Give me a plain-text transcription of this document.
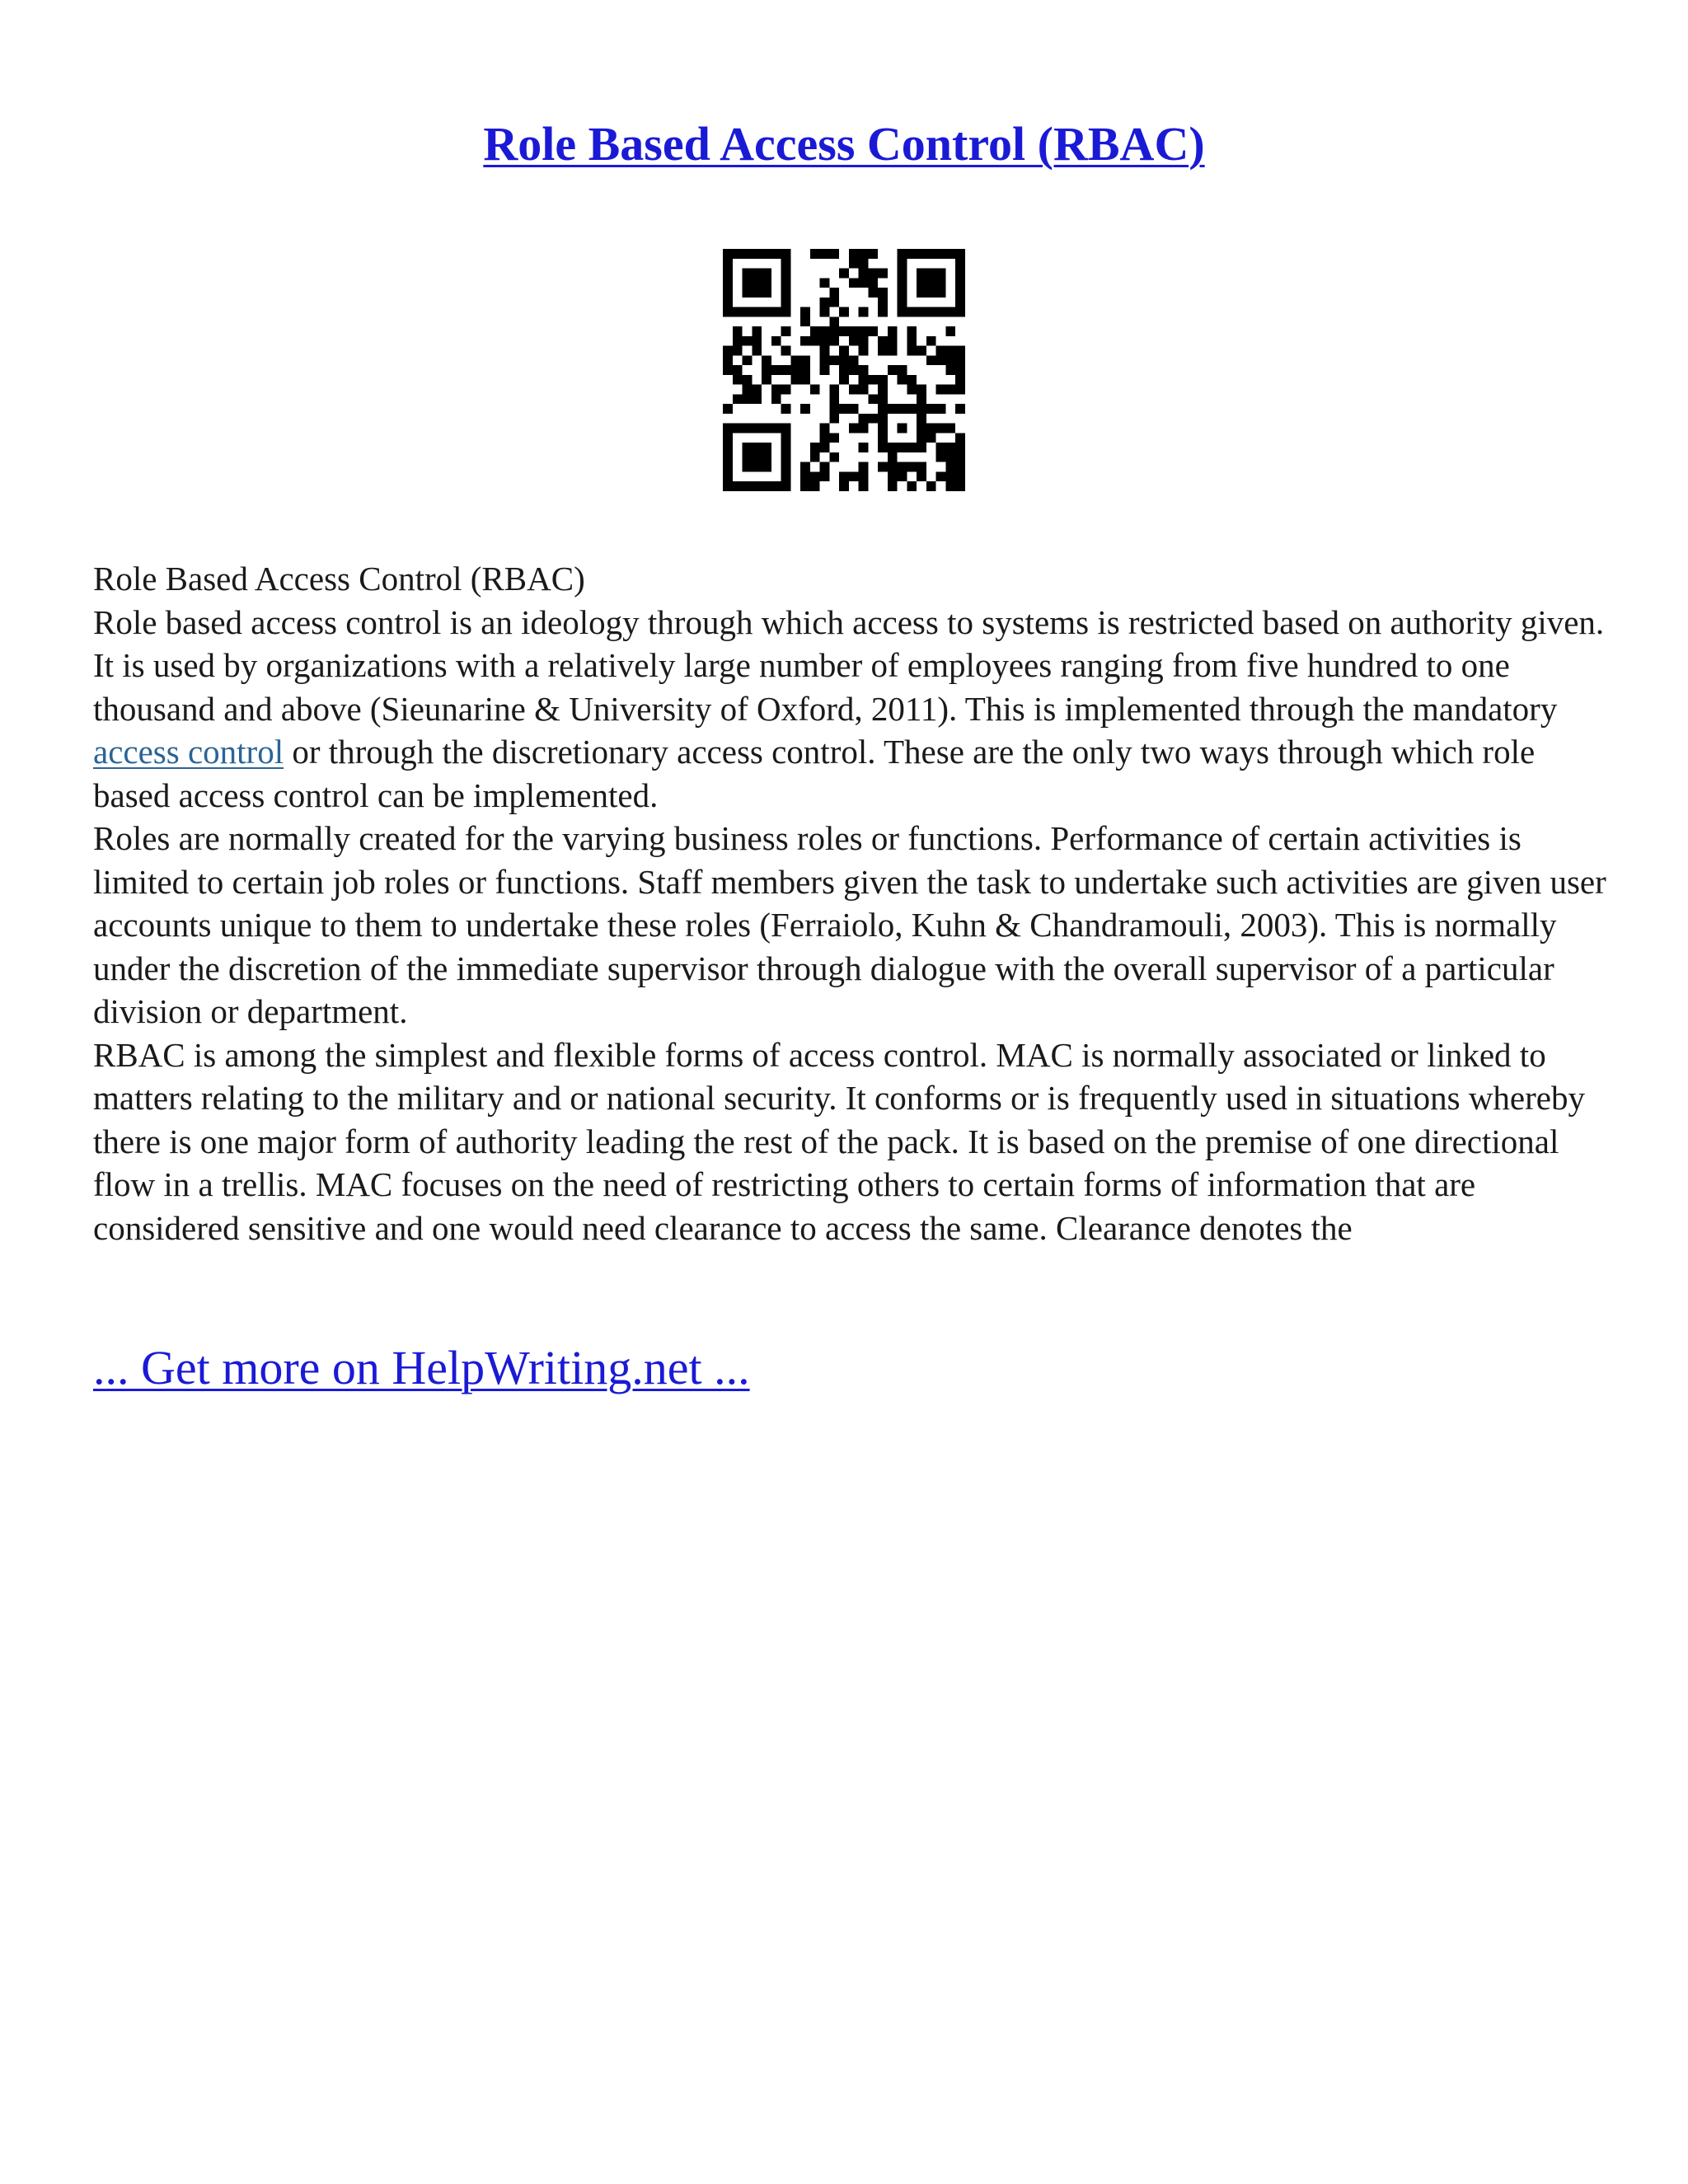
Role Based Access Control (RBAC)

Role Based Access Control (RBAC)
Role based access control is an ideology through which access to systems is restricted based on authority given. It is used by organizations with a relatively large number of employees ranging from five hundred to one thousand and above (Sieunarine & University of Oxford, 2011). This is implemented through the mandatory access control or through the discretionary access control. These are the only two ways through which role based access control can be implemented.

Roles are normally created for the varying business roles or functions. Performance of certain activities is limited to certain job roles or functions. Staff members given the task to undertake such activities are given user accounts unique to them to undertake these roles (Ferraiolo, Kuhn & Chandramouli, 2003). This is normally under the discretion of the immediate supervisor through dialogue with the overall supervisor of a particular division or department.

RBAC is among the simplest and flexible forms of access control. MAC is normally associated or linked to matters relating to the military and or national security. It conforms or is frequently used in situations whereby there is one major form of authority leading the rest of the pack. It is based on the premise of one directional flow in a trellis. MAC focuses on the need of restricting others to certain forms of information that are considered sensitive and one would need clearance to access the same. Clearance denotes the

... Get more on HelpWriting.net ...
